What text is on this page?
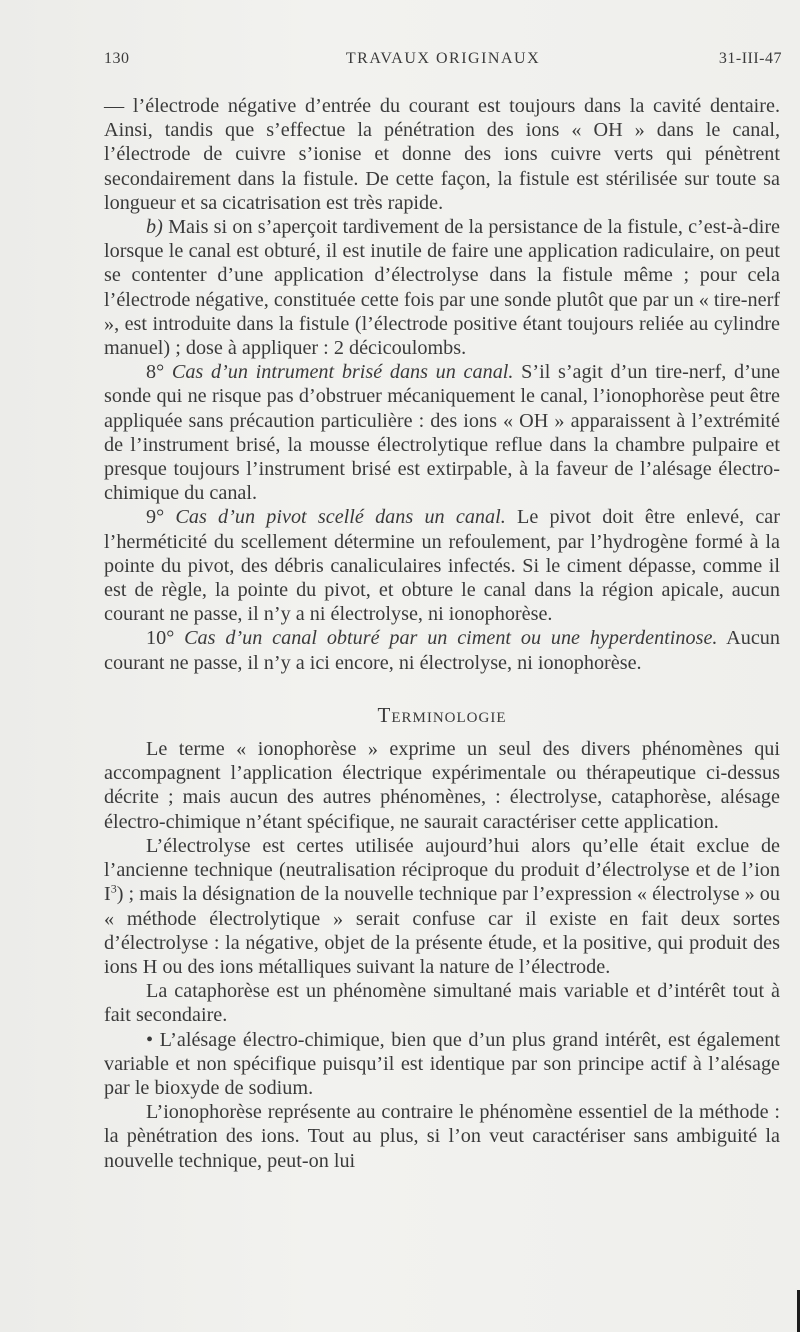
TRAVAUX ORIGINAUX
130	31-III-47

— l’électrode négative d’entrée du courant est toujours dans la cavité dentaire. Ainsi, tandis que s’effectue la pénétration des ions « OH » dans le canal, l’électrode de cuivre s’ionise et donne des ions cuivre verts qui pénètrent secondairement dans la fistule. De cette façon, la fistule est stérilisée sur toute sa longueur et sa cicatrisation est très rapide.

b) Mais si on s’aperçoit tardivement de la persistance de la fistule, c’est-à-dire lorsque le canal est obturé, il est inutile de faire une application radiculaire, on peut se contenter d’une application d’électrolyse dans la fistule même ; pour cela l’électrode négative, constituée cette fois par une sonde plutôt que par un « tire-nerf », est introduite dans la fistule (l’électrode positive étant toujours reliée au cylindre manuel) ; dose à appliquer : 2 décicoulombs.

8° Cas d’un intrument brisé dans un canal. S’il s’agit d’un tire-nerf, d’une sonde qui ne risque pas d’obstruer mécaniquement le canal, l’ionophorèse peut être appliquée sans précaution particulière : des ions « OH » apparaissent à l’extrémité de l’instrument brisé, la mousse électrolytique reflue dans la chambre pulpaire et presque toujours l’instrument brisé est extirpable, à la faveur de l’alésage électro-chimique du canal.

9° Cas d’un pivot scellé dans un canal. Le pivot doit être enlevé, car l’herméticité du scellement détermine un refoulement, par l’hydrogène formé à la pointe du pivot, des débris canaliculaires infectés. Si le ciment dépasse, comme il est de règle, la pointe du pivot, et obture le canal dans la région apicale, aucun courant ne passe, il n’y a ni électrolyse, ni ionophorèse.

10° Cas d’un canal obturé par un ciment ou une hyperdentinose. Aucun courant ne passe, il n’y a ici encore, ni électrolyse, ni ionophorèse.

Terminologie

Le terme « ionophorèse » exprime un seul des divers phénomènes qui accompagnent l’application électrique expérimentale ou thérapeutique ci-dessus décrite ; mais aucun des autres phénomènes, : électrolyse, cataphorèse, alésage électro-chimique n’étant spécifique, ne saurait caractériser cette application.

L’électrolyse est certes utilisée aujourd’hui alors qu’elle était exclue de l’ancienne technique (neutralisation réciproque du produit d’électrolyse et de l’ion $I^3$) ; mais la désignation de la nouvelle technique par l’expression « électrolyse » ou « méthode électrolytique » serait confuse car il existe en fait deux sortes d’électrolyse : la négative, objet de la présente étude, et la positive, qui produit des ions H ou des ions métalliques suivant la nature de l’électrode.

La cataphorèse est un phénomène simultané mais variable et d’intérêt tout à fait secondaire.

• L’alésage électro-chimique, bien que d’un plus grand intérêt, est également variable et non spécifique puisqu’il est identique par son principe actif à l’alésage par le bioxyde de sodium.

L’ionophorèse représente au contraire le phénomène essentiel de la méthode : la pènétration des ions. Tout au plus, si l’on veut caractériser sans ambiguité la nouvelle technique, peut-on lui
